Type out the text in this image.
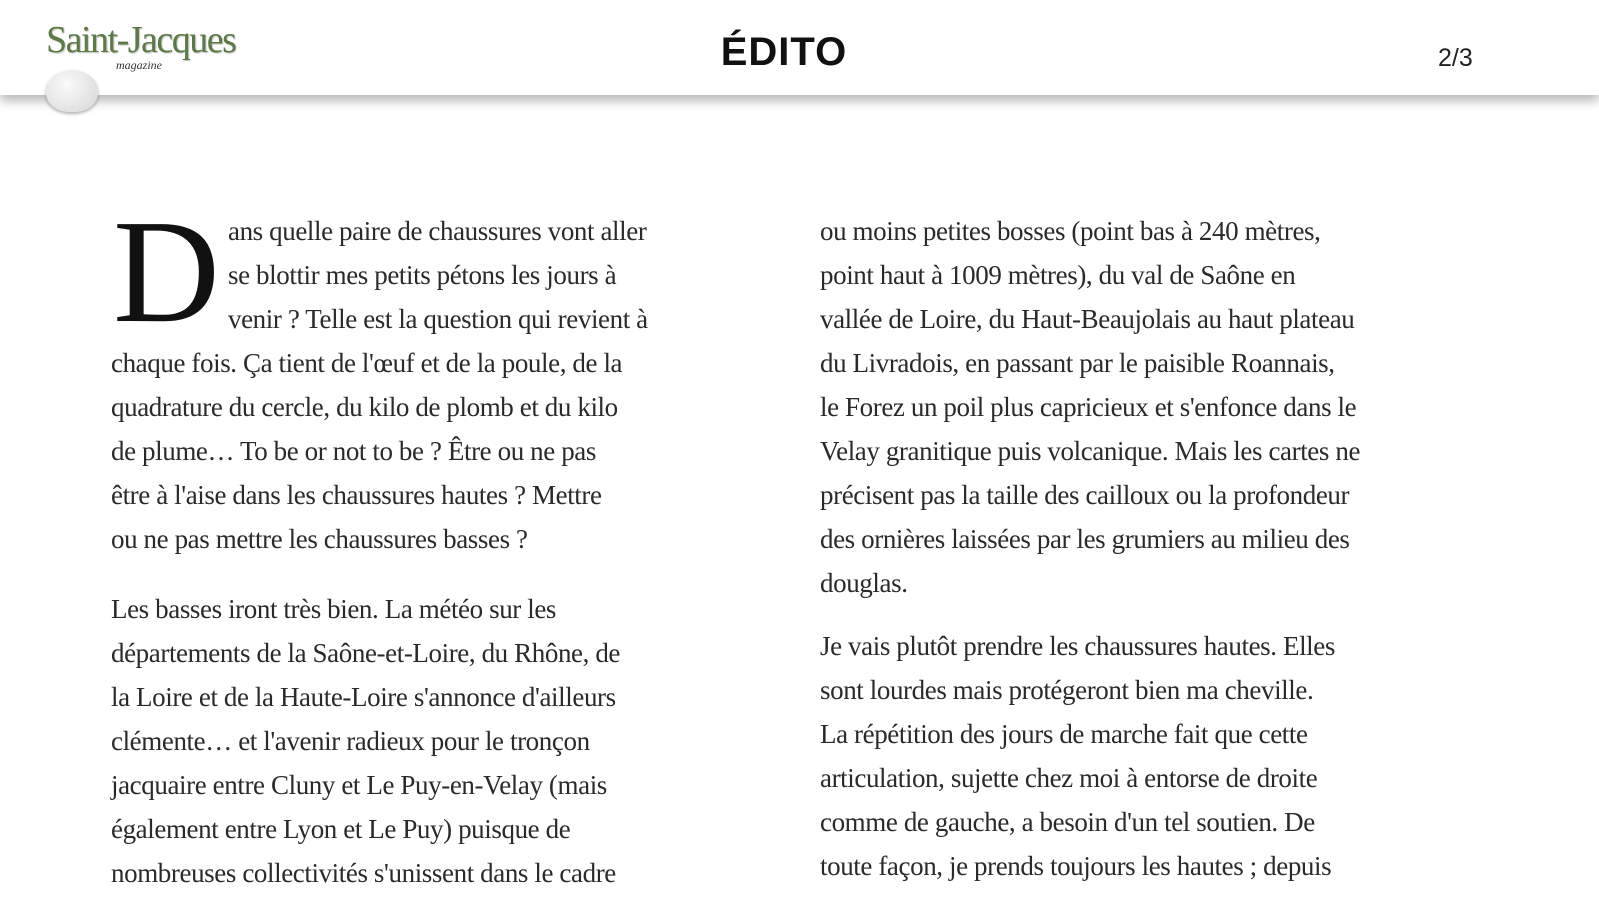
Saint-Jacques
magazine	ÉDITO	2/3
D ans quelle paire de chaussures vont aller
se blottir mes petits pétons les jours à
venir ? Telle est la question qui revient à
chaque fois. Ça tient de l'œuf et de la poule, de la
quadrature du cercle, du kilo de plomb et du kilo
de plume… To be or not to be ? Être ou ne pas
être à l'aise dans les chaussures hautes ? Mettre
ou ne pas mettre les chaussures basses ?
Les basses iront très bien. La météo sur les
départements de la Saône-et-Loire, du Rhône, de
la Loire et de la Haute-Loire s'annonce d'ailleurs
clémente… et l'avenir radieux pour le tronçon
jacquaire entre Cluny et Le Puy-en-Velay (mais
également entre Lyon et Le Puy) puisque de
nombreuses collectivités s'unissent dans le cadre
ou moins petites bosses (point bas à 240 mètres,
point haut à 1009 mètres), du val de Saône en
vallée de Loire, du Haut-Beaujolais au haut plateau
du Livradois, en passant par le paisible Roannais,
le Forez un poil plus capricieux et s'enfonce dans le
Velay granitique puis volcanique. Mais les cartes ne
précisent pas la taille des cailloux ou la profondeur
des ornières laissées par les grumiers au milieu des
douglas.
Je vais plutôt prendre les chaussures hautes. Elles
sont lourdes mais protégeront bien ma cheville.
La répétition des jours de marche fait que cette
articulation, sujette chez moi à entorse de droite
comme de gauche, a besoin d'un tel soutien. De
toute façon, je prends toujours les hautes ; depuis
